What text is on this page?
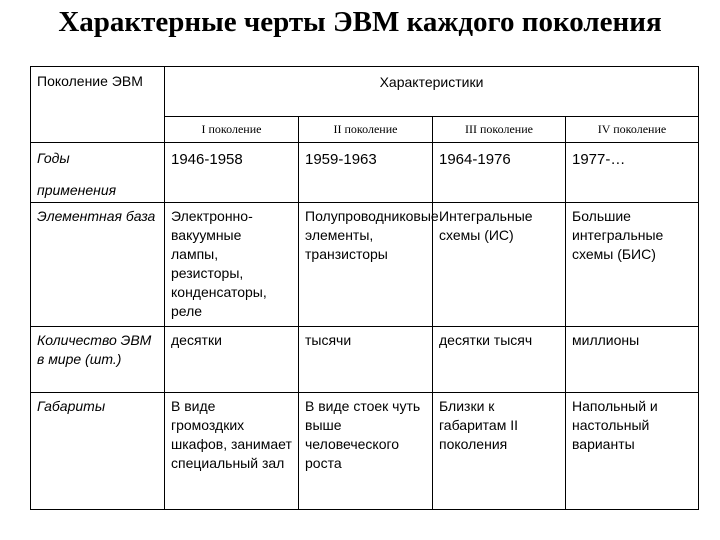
Характерные черты ЭВМ каждого поколения
Поколение ЭВМ	Характеристики			
	I поколение	II поколение	III поколение	IV поколение

Годы
применения	1946-1958	1959-1963	1964-1976	1977-…
Элементная база	Электронно-вакуумные лампы, резисторы, конденсаторы, реле	Полупроводниковые элементы, транзисторы	Интегральные схемы (ИС)	Большие интегральные схемы (БИС)
Количество ЭВМ в мире (шт.)	десятки	тысячи	десятки тысяч	миллионы
Габариты	В виде громоздких шкафов, занимает специальный зал	В виде стоек чуть выше человеческого роста	Близки к габаритам II поколения	Напольный и настольный варианты
